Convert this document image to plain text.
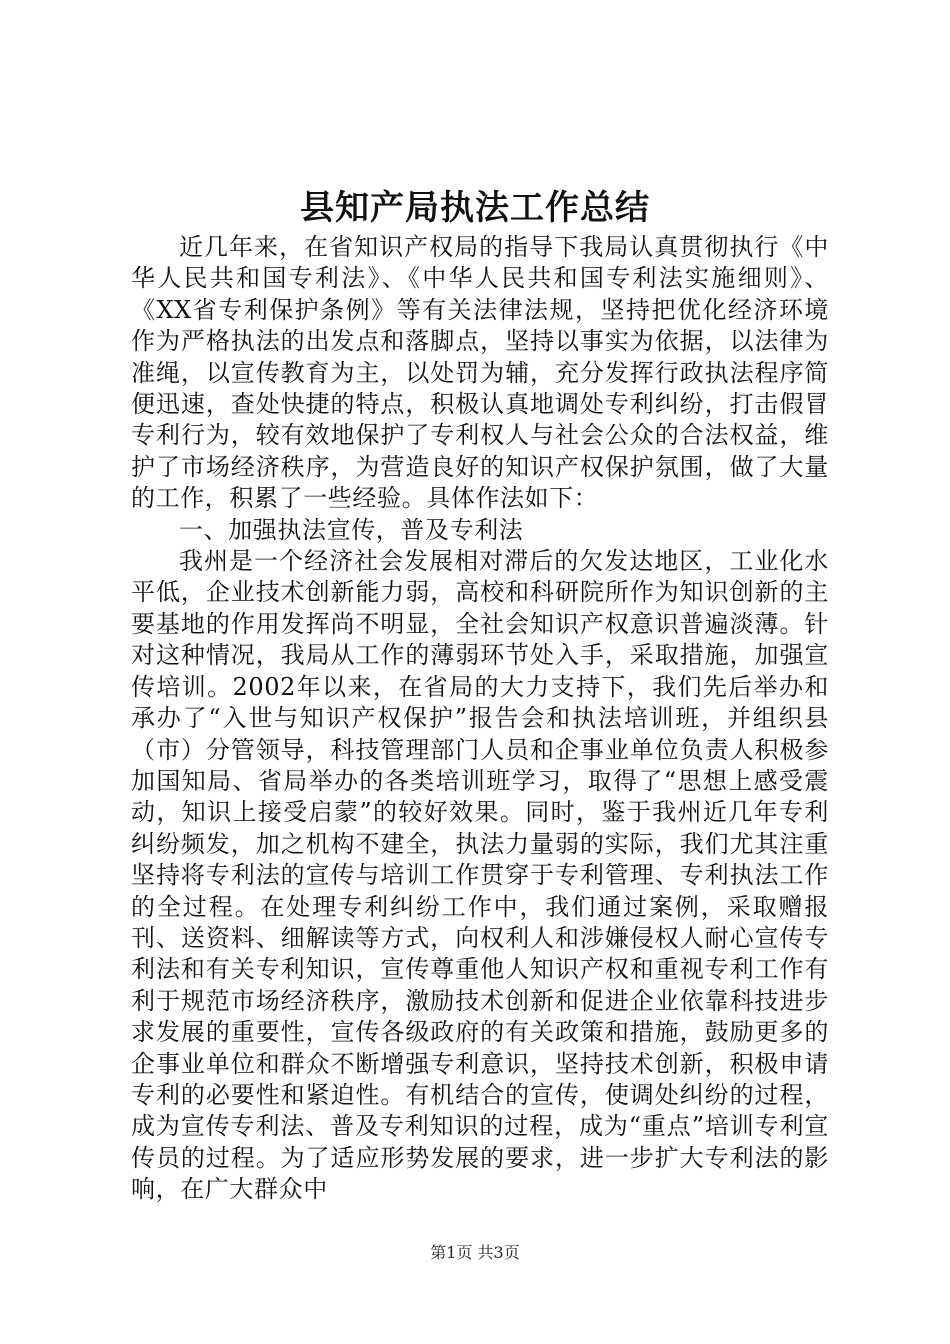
县知产局执法工作总结

近几年来，在省知识产权局的指导下我局认真贯彻执行《中华人民共和国专利法》、《中华人民共和国专利法实施细则》、《XX省专利保护条例》等有关法律法规，坚持把优化经济环境作为严格执法的出发点和落脚点，坚持以事实为依据，以法律为准绳，以宣传教育为主，以处罚为辅，充分发挥行政执法程序简便迅速，查处快捷的特点，积极认真地调处专利纠纷，打击假冒专利行为，较有效地保护了专利权人与社会公众的合法权益，维护了市场经济秩序，为营造良好的知识产权保护氛围，做了大量的工作，积累了一些经验。具体作法如下：

一、加强执法宣传，普及专利法

我州是一个经济社会发展相对滞后的欠发达地区，工业化水平低，企业技术创新能力弱，高校和科研院所作为知识创新的主要基地的作用发挥尚不明显，全社会知识产权意识普遍淡薄。针对这种情况，我局从工作的薄弱环节处入手，采取措施，加强宣传培训。2002年以来，在省局的大力支持下，我们先后举办和承办了“入世与知识产权保护”报告会和执法培训班，并组织县（市）分管领导，科技管理部门人员和企事业单位负责人积极参加国知局、省局举办的各类培训班学习，取得了“思想上感受震动，知识上接受启蒙”的较好效果。同时，鉴于我州近几年专利纠纷频发，加之机构不建全，执法力量弱的实际，我们尤其注重坚持将专利法的宣传与培训工作贯穿于专利管理、专利执法工作的全过程。在处理专利纠纷工作中，我们通过案例，采取赠报刊、送资料、细解读等方式，向权利人和涉嫌侵权人耐心宣传专利法和有关专利知识，宣传尊重他人知识产权和重视专利工作有利于规范市场经济秩序，激励技术创新和促进企业依靠科技进步求发展的重要性，宣传各级政府的有关政策和措施，鼓励更多的企事业单位和群众不断增强专利意识，坚持技术创新，积极申请专利的必要性和紧迫性。有机结合的宣传，使调处纠纷的过程，成为宣传专利法、普及专利知识的过程，成为“重点”培训专利宣传员的过程。为了适应形势发展的要求，进一步扩大专利法的影响，在广大群众中

第1页 共3页
